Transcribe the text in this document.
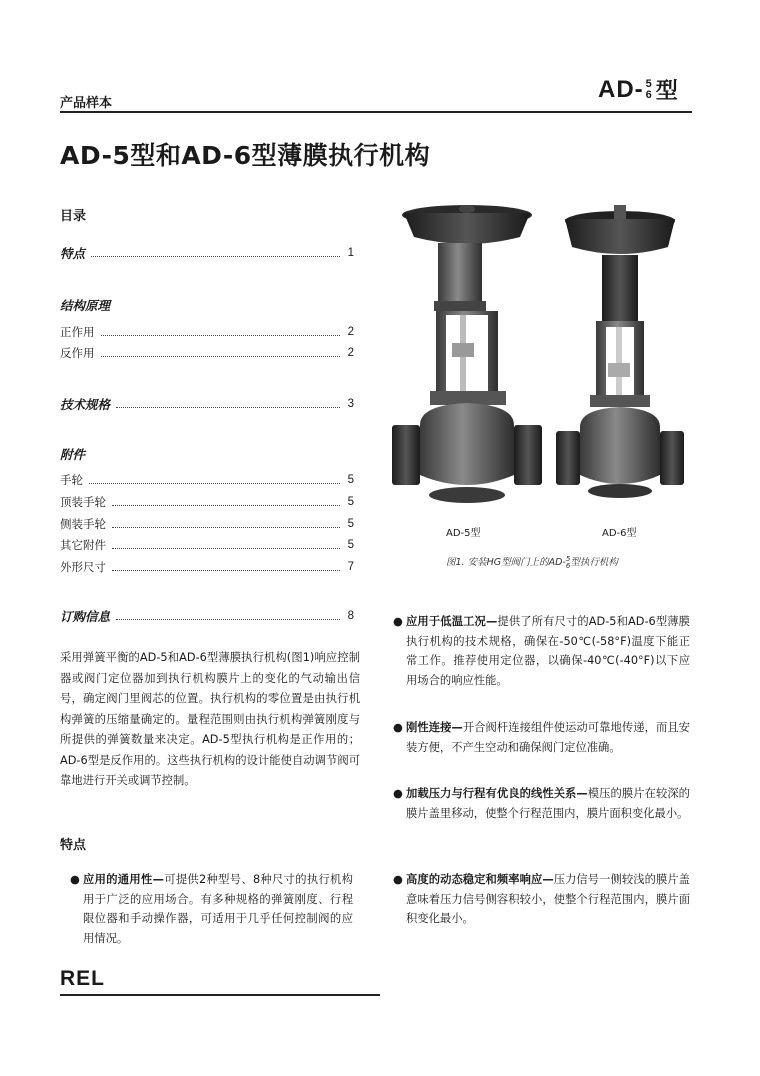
产品样本
AD- 5
6 型
AD-5型和AD-6型薄膜执行机构
目录
特点	1
结构原理
正作用	2
反作用	2
技术规格	3
附件
手轮	5
顶装手轮	5
侧装手轮	5
其它附件	5
外形尺寸	7
订购信息	8
AD-5型	AD-6型
图1. 安装HG型阀门上的AD- 5
6 型执行机构
采用弹簧平衡的AD-5和AD-6型薄膜执行机构(图1)响应控制器或阀门定位器加到执行机构膜片上的变化的气动输出信号，确定阀门里阀芯的位置。执行机构的零位置是由执行机构弹簧的压缩量确定的。量程范围则由执行机构弹簧刚度与所提供的弹簧数量来决定。AD-5型执行机构是正作用的；AD-6型是反作用的。这些执行机构的设计能使自动调节阀可靠地进行开关或调节控制。
特点
● 应用的通用性—可提供2种型号、8种尺寸的执行机构用于广泛的应用场合。有多种规格的弹簧刚度、行程限位器和手动操作器，可适用于几乎任何控制阀的应用情况。
● 应用于低温工况—提供了所有尺寸的AD-5和AD-6型薄膜执行机构的技术规格，确保在-50℃(-58°F)温度下能正常工作。推荐使用定位器，以确保-40℃(-40°F)以下应用场合的响应性能。
● 刚性连接—开合阀杆连接组件使运动可靠地传递，而且安装方便，不产生空动和确保阀门定位准确。
● 加载压力与行程有优良的线性关系—模压的膜片在较深的膜片盖里移动，使整个行程范围内，膜片面积变化最小。
● 高度的动态稳定和频率响应—压力信号一侧较浅的膜片盖意味着压力信号侧容积较小，使整个行程范围内，膜片面积变化最小。
REL
